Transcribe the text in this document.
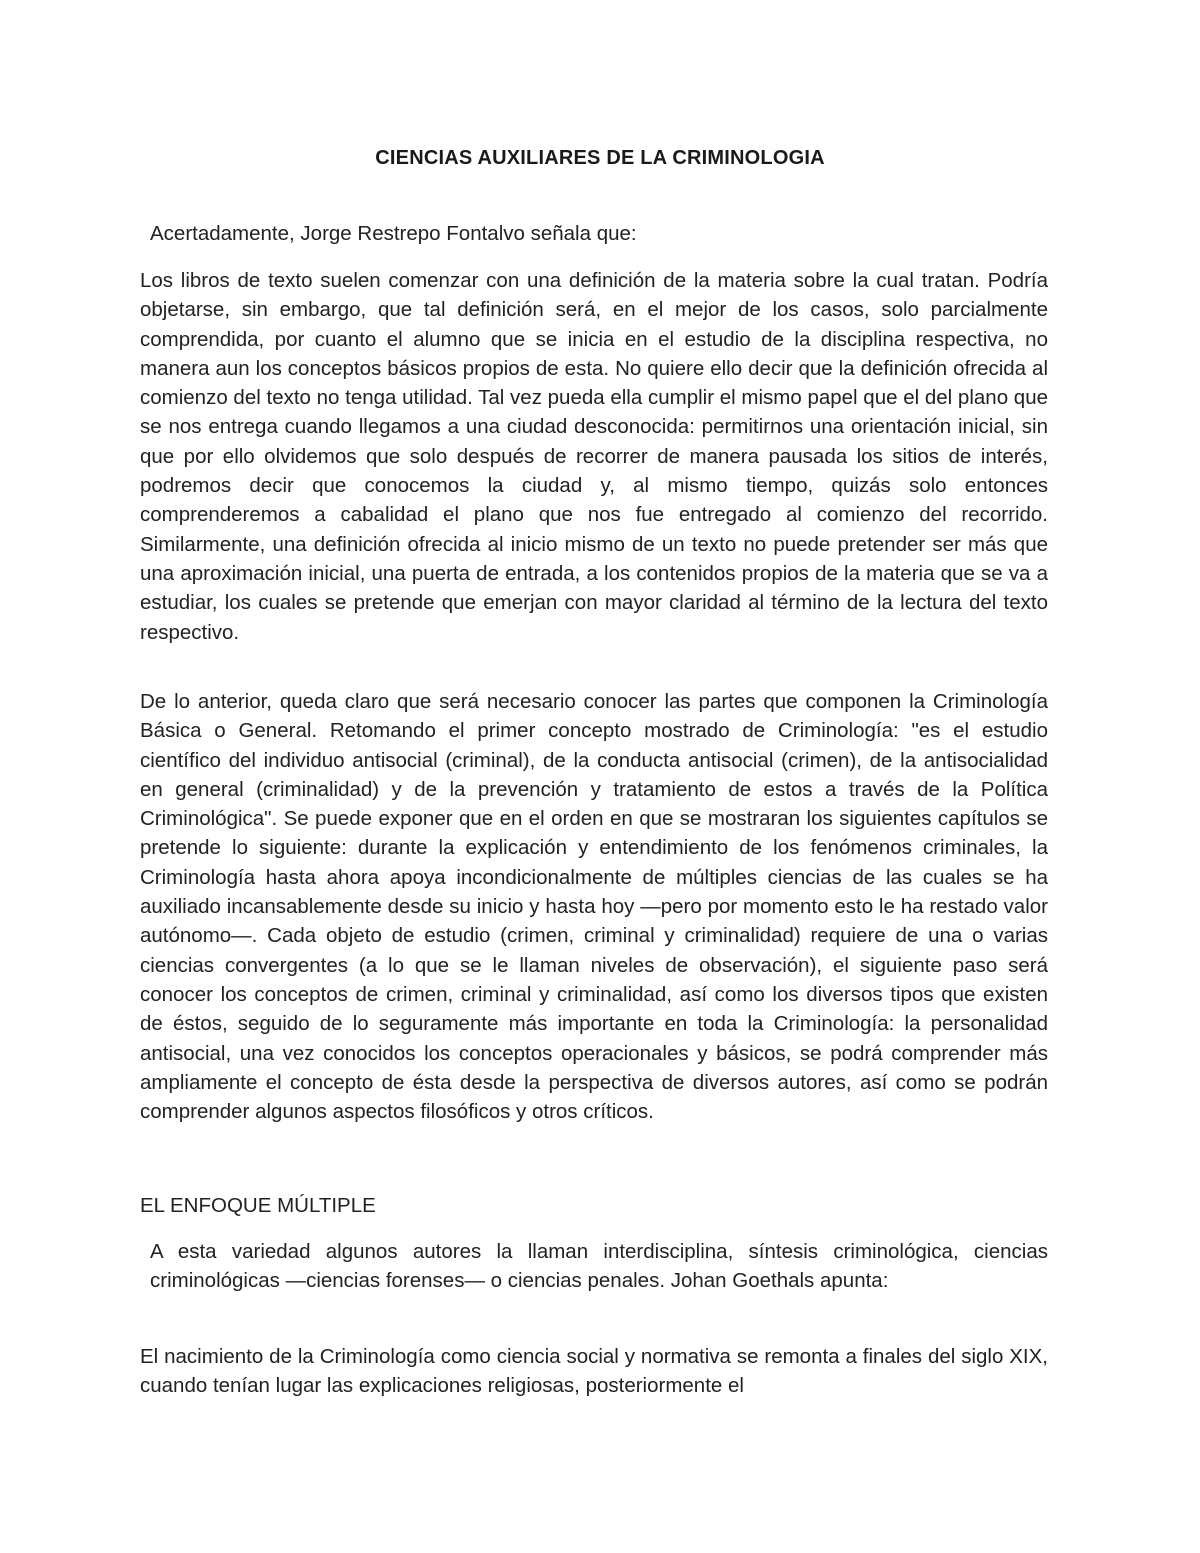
CIENCIAS AUXILIARES DE LA CRIMINOLOGIA
Acertadamente, Jorge Restrepo Fontalvo señala que:
Los libros de texto suelen comenzar con una definición de la materia sobre la cual tratan. Podría objetarse, sin embargo, que tal definición será, en el mejor de los casos, solo parcialmente comprendida, por cuanto el alumno que se inicia en el estudio de la disciplina respectiva, no manera aun los conceptos básicos propios de esta. No quiere ello decir que la definición ofrecida al comienzo del texto no tenga utilidad. Tal vez pueda ella cumplir el mismo papel que el del plano que se nos entrega cuando llegamos a una ciudad desconocida: permitirnos una orientación inicial, sin que por ello olvidemos que solo después de recorrer de manera pausada los sitios de interés, podremos decir que conocemos la ciudad y, al mismo tiempo, quizás solo entonces comprenderemos a cabalidad el plano que nos fue entregado al comienzo del recorrido. Similarmente, una definición ofrecida al inicio mismo de un texto no puede pretender ser más que una aproximación inicial, una puerta de entrada, a los contenidos propios de la materia que se va a estudiar, los cuales se pretende que emerjan con mayor claridad al término de la lectura del texto respectivo.
De lo anterior, queda claro que será necesario conocer las partes que componen la Criminología Básica o General. Retomando el primer concepto mostrado de Criminología: "es el estudio científico del individuo antisocial (criminal), de la conducta antisocial (crimen), de la antisocialidad en general (criminalidad) y de la prevención y tratamiento de estos a través de la Política Criminológica". Se puede exponer que en el orden en que se mostraran los siguientes capítulos se pretende lo siguiente: durante la explicación y entendimiento de los fenómenos criminales, la Criminología hasta ahora apoya incondicionalmente de múltiples ciencias de las cuales se ha auxiliado incansablemente desde su inicio y hasta hoy —pero por momento esto le ha restado valor autónomo—. Cada objeto de estudio (crimen, criminal y criminalidad) requiere de una o varias ciencias convergentes (a lo que se le llaman niveles de observación), el siguiente paso será conocer los conceptos de crimen, criminal y criminalidad, así como los diversos tipos que existen de éstos, seguido de lo seguramente más importante en toda la Criminología: la personalidad antisocial, una vez conocidos los conceptos operacionales y básicos, se podrá comprender más ampliamente el concepto de ésta desde la perspectiva de diversos autores, así como se podrán comprender algunos aspectos filosóficos y otros críticos.
EL ENFOQUE MÚLTIPLE
A esta variedad algunos autores la llaman interdisciplina, síntesis criminológica, ciencias criminológicas —ciencias forenses— o ciencias penales. Johan Goethals apunta:
El nacimiento de la Criminología como ciencia social y normativa se remonta a finales del siglo XIX, cuando tenían lugar las explicaciones religiosas, posteriormente el
